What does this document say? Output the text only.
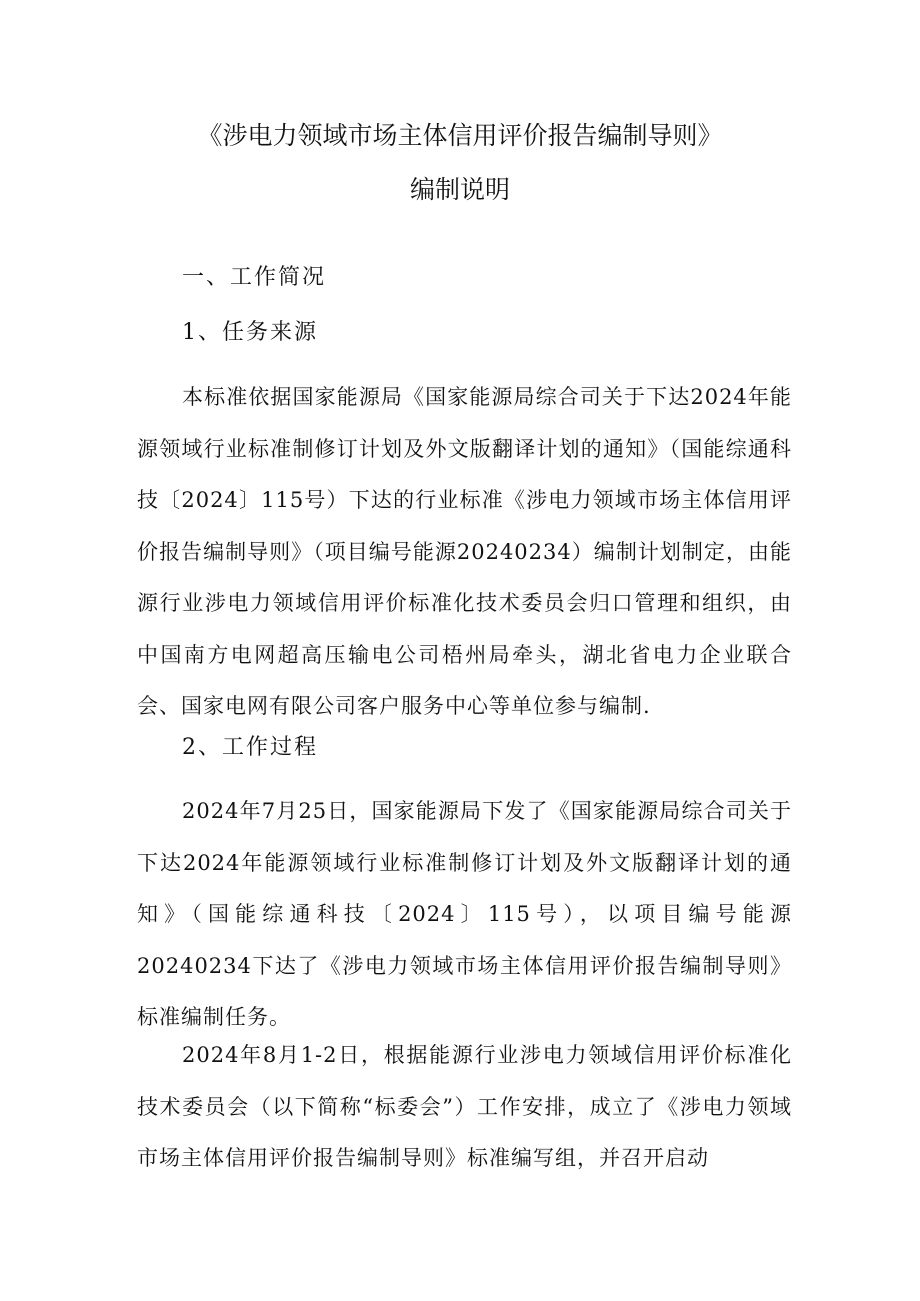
《涉电力领域市场主体信用评价报告编制导则》
编制说明
一、工作简况
1、任务来源

本标准依据国家能源局《国家能源局综合司关于下达2024年能源领域行业标准制修订计划及外文版翻译计划的通知》（国能综通科技〔2024〕115号）下达的行业标准《涉电力领域市场主体信用评价报告编制导则》（项目编号能源20240234）编制计划制定，由能源行业涉电力领域信用评价标准化技术委员会归口管理和组织，由中国南方电网超高压输电公司梧州局牵头，湖北省电力企业联合会、国家电网有限公司客户服务中心等单位参与编制.

2、工作过程

2024年7月25日，国家能源局下发了《国家能源局综合司关于下达2024年能源领域行业标准制修订计划及外文版翻译计划的通知》（国能综通科技〔2024〕115号），以项目编号能源20240234下达了《涉电力领域市场主体信用评价报告编制导则》标准编制任务。

2024年8月1-2日，根据能源行业涉电力领域信用评价标准化技术委员会（以下简称“标委会”）工作安排，成立了《涉电力领域市场主体信用评价报告编制导则》标准编写组，并召开启动
